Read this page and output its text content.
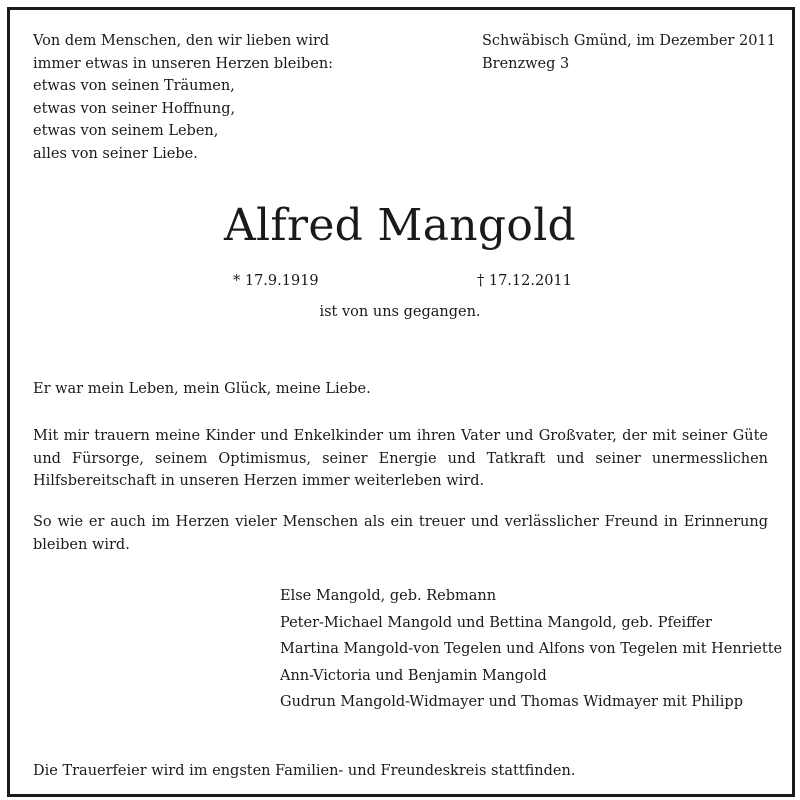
Von dem Menschen, den wir lieben wird
immer etwas in unseren Herzen bleiben:
etwas von seinen Träumen,
etwas von seiner Hoffnung,
etwas von seinem Leben,
alles von seiner Liebe.
Schwäbisch Gmünd, im Dezember 2011
Brenzweg 3
Alfred Mangold
* 17.9.1919	† 17.12.2011
ist von uns gegangen.
Er war mein Leben, mein Glück, meine Liebe.
Mit mir trauern meine Kinder und Enkelkinder um ihren Vater und Großvater, der mit seiner Güte und Fürsorge, seinem Optimismus, seiner Energie und Tatkraft und seiner unermesslichen Hilfsbereitschaft in unseren Herzen immer weiterleben wird.
So wie er auch im Herzen vieler Menschen als ein treuer und verlässlicher Freund in Erinnerung bleiben wird.
Else Mangold, geb. Rebmann
Peter-Michael Mangold und Bettina Mangold, geb. Pfeiffer
Martina Mangold-von Tegelen und Alfons von Tegelen mit Henriette
Ann-Victoria und Benjamin Mangold
Gudrun Mangold-Widmayer und Thomas Widmayer mit Philipp
Die Trauerfeier wird im engsten Familien- und Freundeskreis stattfinden.
